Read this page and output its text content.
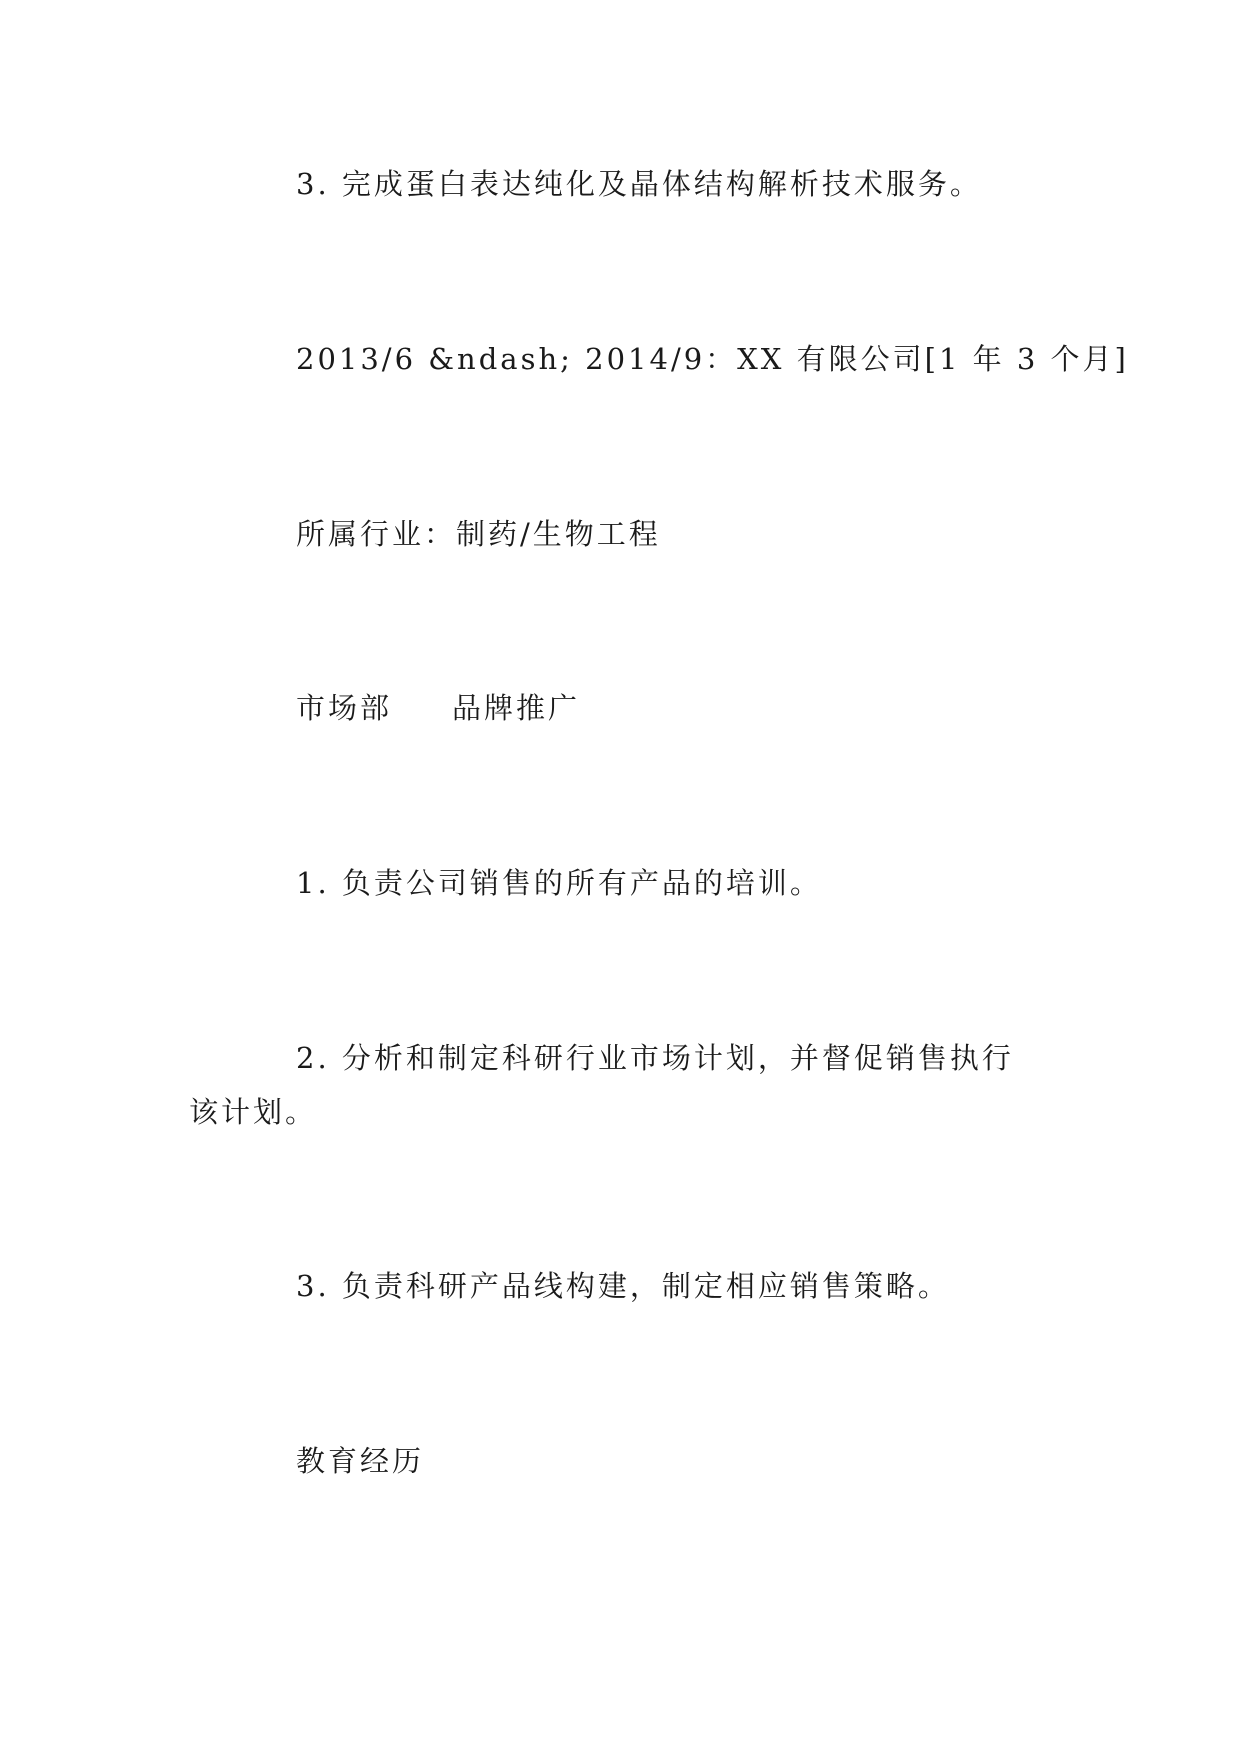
3. 完成蛋白表达纯化及晶体结构解析技术服务。
2013/6 &ndash; 2014/9：XX 有限公司[1 年 3 个月]
所属行业：制药/生物工程
市场部 品牌推广
1. 负责公司销售的所有产品的培训。
2. 分析和制定科研行业市场计划，并督促销售执行
该计划。
3. 负责科研产品线构建，制定相应销售策略。
教育经历
